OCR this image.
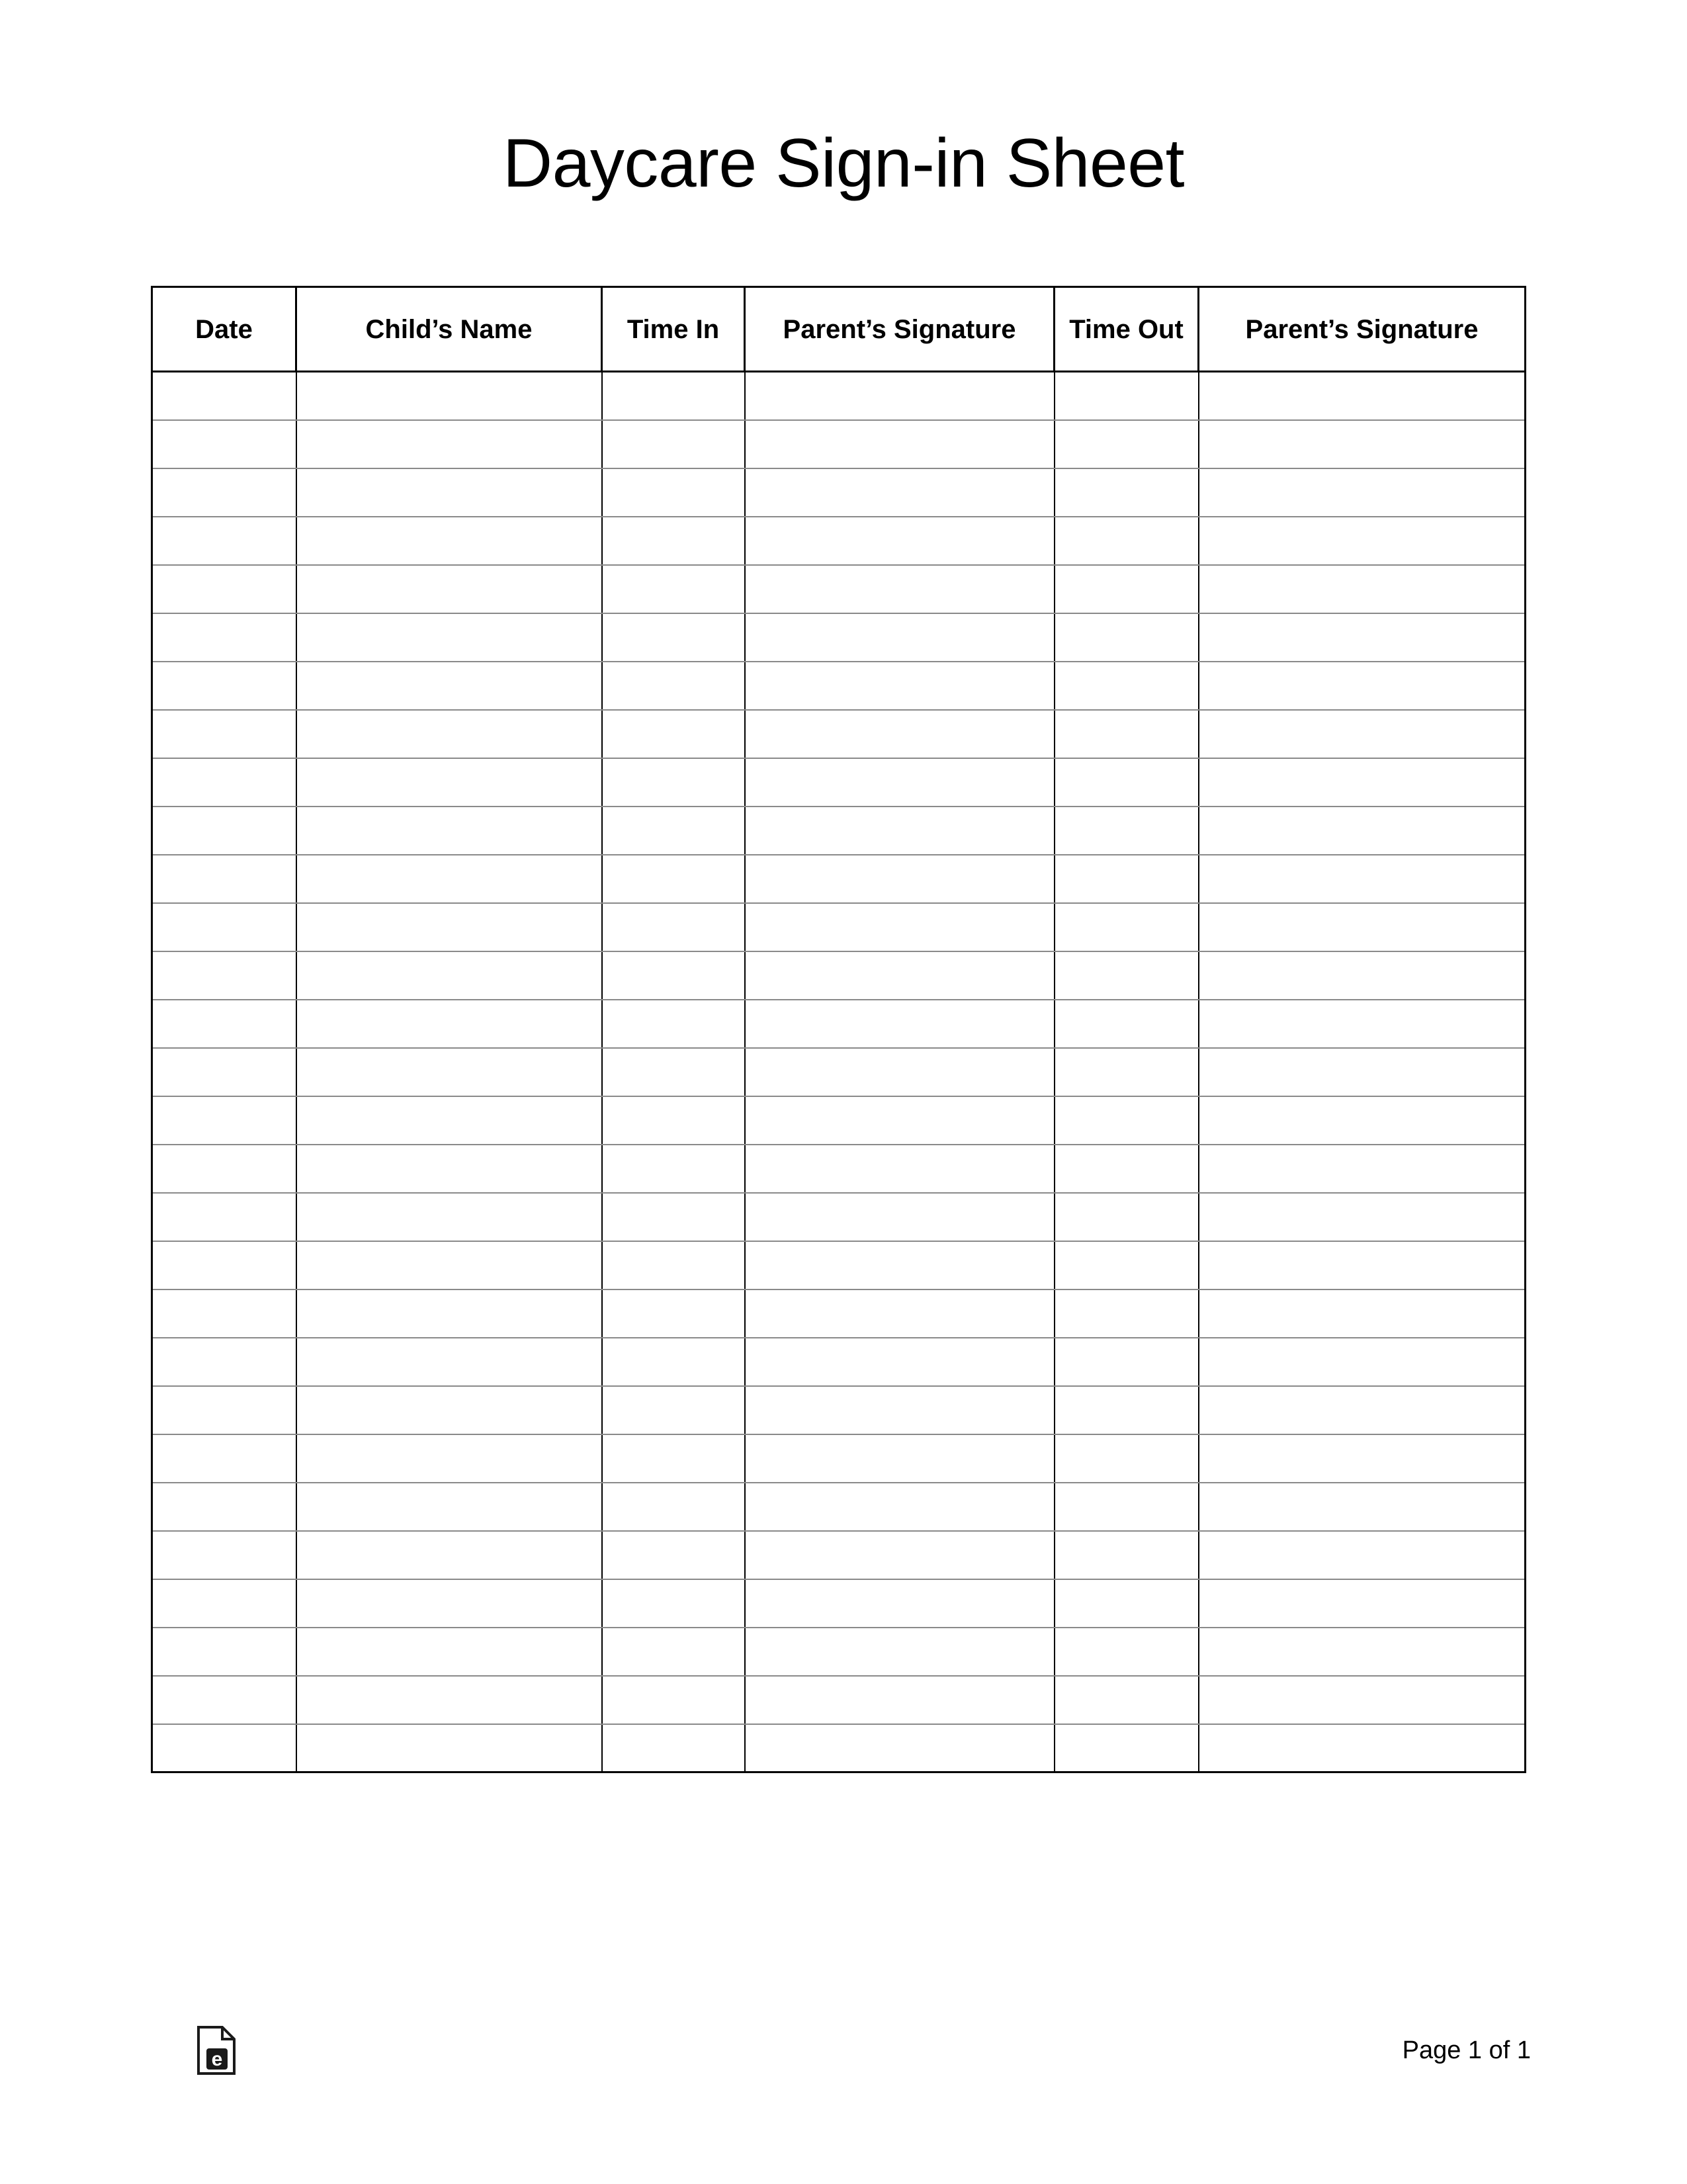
Daycare Sign-in Sheet
Date	Child’s Name	Time In	Parent’s Signature	Time Out	Parent’s Signature

e	Page 1 of 1
